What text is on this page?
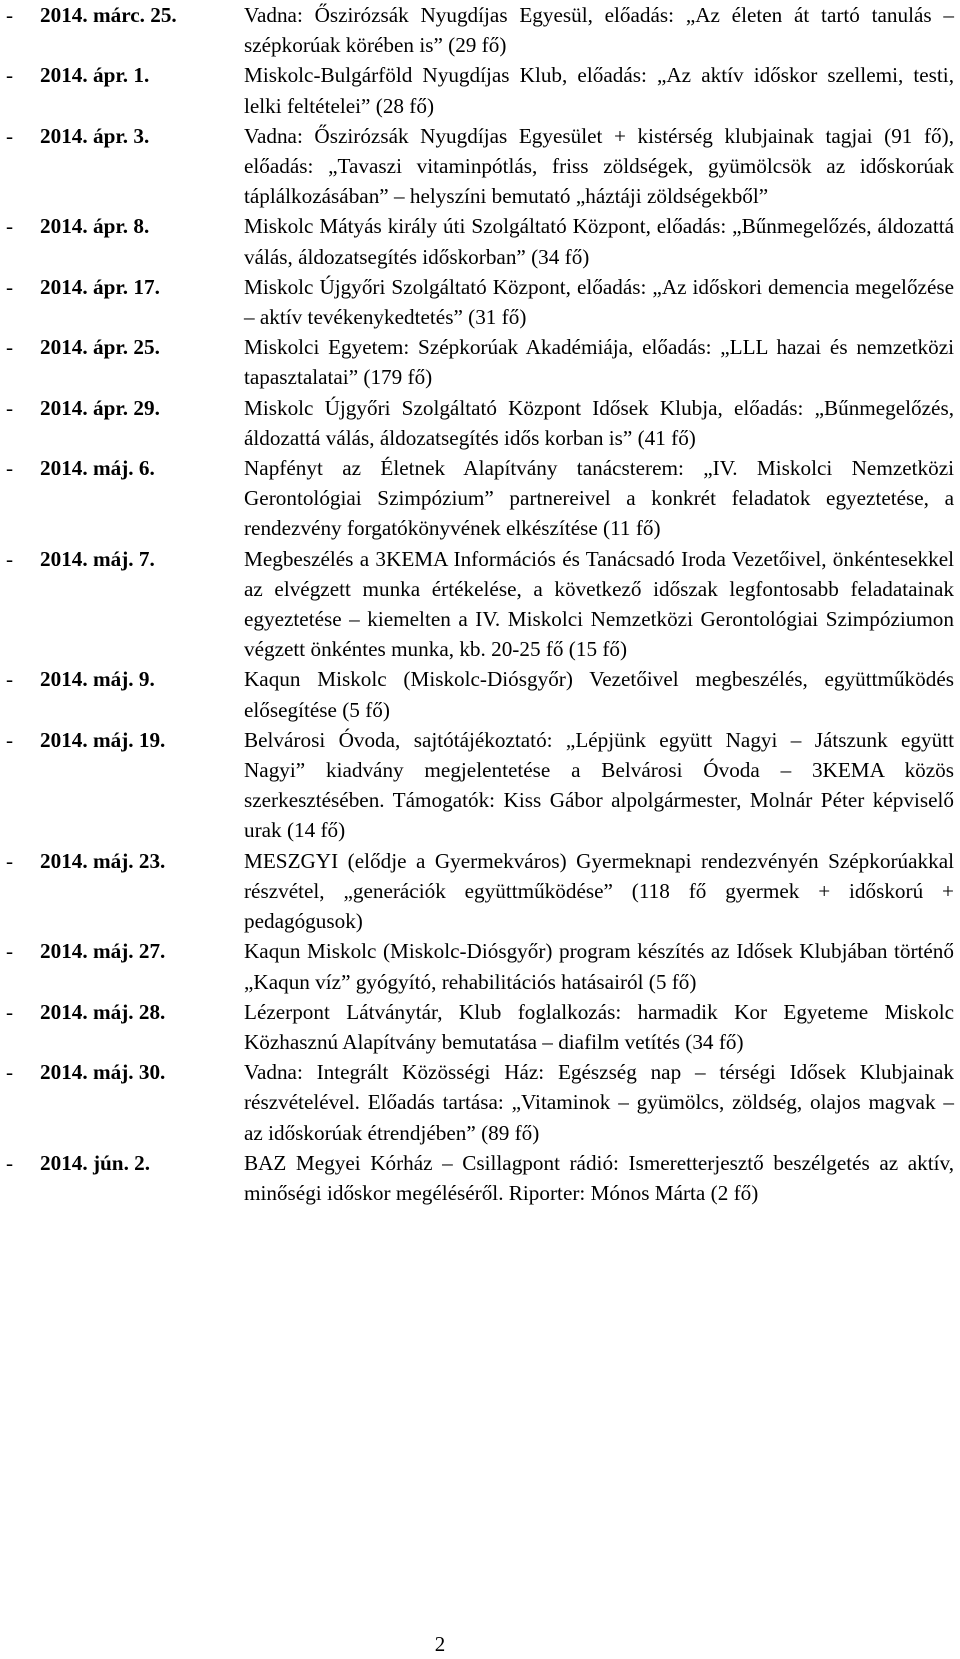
-	2014. márc. 25.	Vadna: Őszirózsák Nyugdíjas Egyesül, előadás: „Az életen át tartó tanulás – szépkorúak körében is” (29 fő)
-	2014. ápr. 1.	Miskolc-Bulgárföld Nyugdíjas Klub, előadás: „Az aktív időskor szellemi, testi, lelki feltételei” (28 fő)
-	2014. ápr. 3.	Vadna: Őszirózsák Nyugdíjas Egyesület + kistérség klubjainak tagjai (91 fő), előadás: „Tavaszi vitaminpótlás, friss zöldségek, gyümölcsök az időskorúak táplálkozásában” – helyszíni bemutató „háztáji zöldségekből”
-	2014. ápr. 8.	Miskolc Mátyás király úti Szolgáltató Központ, előadás: „Bűnmegelőzés, áldozattá válás, áldozatsegítés időskorban” (34 fő)
-	2014. ápr. 17.	Miskolc Újgyőri Szolgáltató Központ, előadás: „Az időskori demencia megelőzése – aktív tevékenykedtetés” (31 fő)
-	2014. ápr. 25.	Miskolci Egyetem: Szépkorúak Akadémiája, előadás: „LLL hazai és nemzetközi tapasztalatai” (179 fő)
-	2014. ápr. 29.	Miskolc Újgyőri Szolgáltató Központ Idősek Klubja, előadás: „Bűnmegelőzés, áldozattá válás, áldozatsegítés idős korban is” (41 fő)
-	2014. máj. 6.	Napfényt az Életnek Alapítvány tanácsterem: „IV. Miskolci Nemzetközi Gerontológiai Szimpózium” partnereivel a konkrét feladatok egyeztetése, a rendezvény forgatókönyvének elkészítése (11 fő)
-	2014. máj. 7.	Megbeszélés a 3KEMA Információs és Tanácsadó Iroda Vezetőivel, önkéntesekkel az elvégzett munka értékelése, a következő időszak legfontosabb feladatainak egyeztetése – kiemelten a IV. Miskolci Nemzetközi Gerontológiai Szimpóziumon végzett önkéntes munka, kb. 20-25 fő (15 fő)
-	2014. máj. 9.	Kaqun Miskolc (Miskolc-Diósgyőr) Vezetőivel megbeszélés, együttműködés elősegítése (5 fő)
-	2014. máj. 19.	Belvárosi Óvoda, sajtótájékoztató: „Lépjünk együtt Nagyi – Játszunk együtt Nagyi” kiadvány megjelentetése a Belvárosi Óvoda – 3KEMA közös szerkesztésében. Támogatók: Kiss Gábor alpolgármester, Molnár Péter képviselő urak (14 fő)
-	2014. máj. 23.	MESZGYI (elődje a Gyermekváros) Gyermeknapi rendezvényén Szépkorúakkal részvétel, „generációk együttműködése” (118 fő gyermek + időskorú + pedagógusok)
-	2014. máj. 27.	Kaqun Miskolc (Miskolc-Diósgyőr) program készítés az Idősek Klubjában történő „Kaqun víz” gyógyító, rehabilitációs hatásairól (5 fő)
-	2014. máj. 28.	Lézerpont Látványtár, Klub foglalkozás: harmadik Kor Egyeteme Miskolc Közhasznú Alapítvány bemutatása – diafilm vetítés (34 fő)
-	2014. máj. 30.	Vadna: Integrált Közösségi Ház: Egészség nap – térségi Idősek Klubjainak részvételével. Előadás tartása: „Vitaminok – gyümölcs, zöldség, olajos magvak – az időskorúak étrendjében” (89 fő)
-	2014. jún. 2.	BAZ Megyei Kórház – Csillagpont rádió: Ismeretterjesztő beszélgetés az aktív, minőségi időskor megéléséről. Riporter: Mónos Márta (2 fő)
2
